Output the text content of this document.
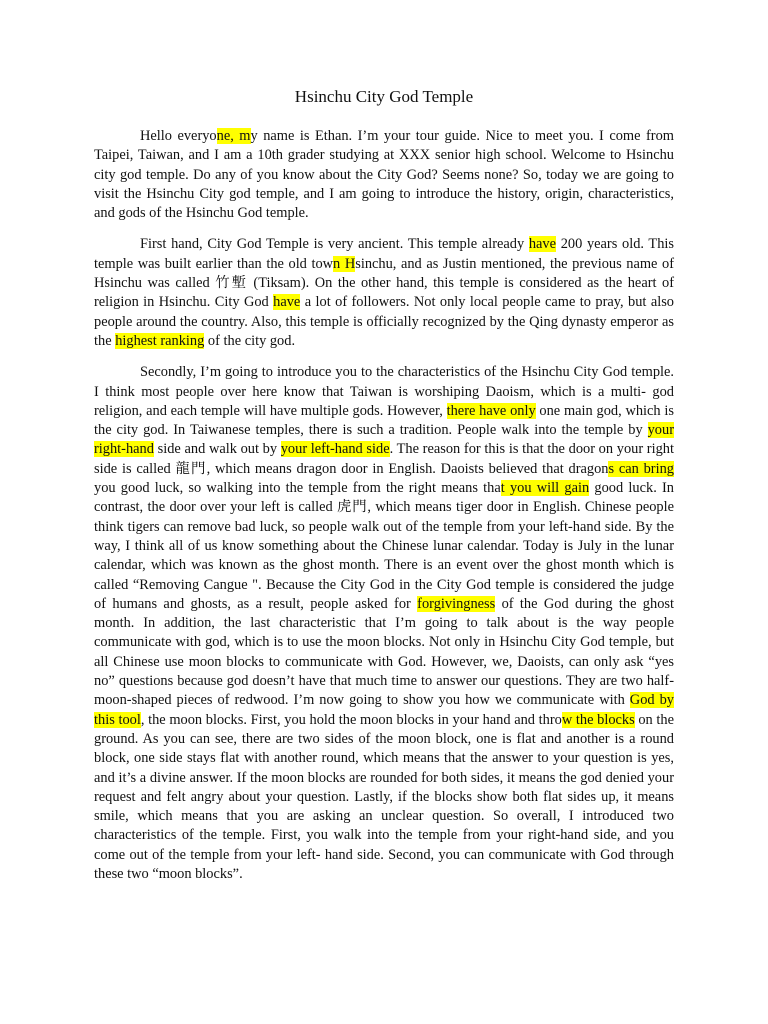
Hsinchu City God Temple

Hello everyone, my name is Ethan. I’m your tour guide. Nice to meet you. I come from Taipei, Taiwan, and I am a 10th grader studying at XXX senior high school. Welcome to Hsinchu city god temple. Do any of you know about the City God? Seems none? So, today we are going to visit the Hsinchu City god temple, and I am going to introduce the history, origin, characteristics, and gods of the Hsinchu God temple.

First hand, City God Temple is very ancient. This temple already have 200 years old. This temple was built earlier than the old town Hsinchu, and as Justin mentioned, the previous name of Hsinchu was called 竹塹 (Tiksam). On the other hand, this temple is considered as the heart of religion in Hsinchu. City God have a lot of followers. Not only local people came to pray, but also people around the country. Also, this temple is officially recognized by the Qing dynasty emperor as the highest ranking of the city god.

Secondly, I’m going to introduce you to the characteristics of the Hsinchu City God temple. I think most people over here know that Taiwan is worshiping Daoism, which is a multi- god religion, and each temple will have multiple gods. However, there have only one main god, which is the city god. In Taiwanese temples, there is such a tradition. People walk into the temple by your right-hand side and walk out by your left-hand side. The reason for this is that the door on your right side is called 龍門, which means dragon door in English. Daoists believed that dragons can bring you good luck, so walking into the temple from the right means that you will gain good luck. In contrast, the door over your left is called 虎門, which means tiger door in English. Chinese people think tigers can remove bad luck, so people walk out of the temple from your left-hand side. By the way, I think all of us know something about the Chinese lunar calendar. Today is July in the lunar calendar, which was known as the ghost month. There is an event over the ghost month which is called “Removing Cangue ". Because the City God in the City God temple is considered the judge of humans and ghosts, as a result, people asked for forgivingness of the God during the ghost month. In addition, the last characteristic that I’m going to talk about is the way people communicate with god, which is to use the moon blocks. Not only in Hsinchu City God temple, but all Chinese use moon blocks to communicate with God. However, we, Daoists, can only ask “yes no” questions because god doesn’t have that much time to answer our questions. They are two half-moon-shaped pieces of redwood. I’m now going to show you how we communicate with God by this tool, the moon blocks. First, you hold the moon blocks in your hand and throw the blocks on the ground. As you can see, there are two sides of the moon block, one is flat and another is a round block, one side stays flat with another round, which means that the answer to your question is yes, and it’s a divine answer. If the moon blocks are rounded for both sides, it means the god denied your request and felt angry about your question. Lastly, if the blocks show both flat sides up, it means smile, which means that you are asking an unclear question. So overall, I introduced two characteristics of the temple. First, you walk into the temple from your right-hand side, and you come out of the temple from your left- hand side. Second, you can communicate with God through these two “moon blocks”.
